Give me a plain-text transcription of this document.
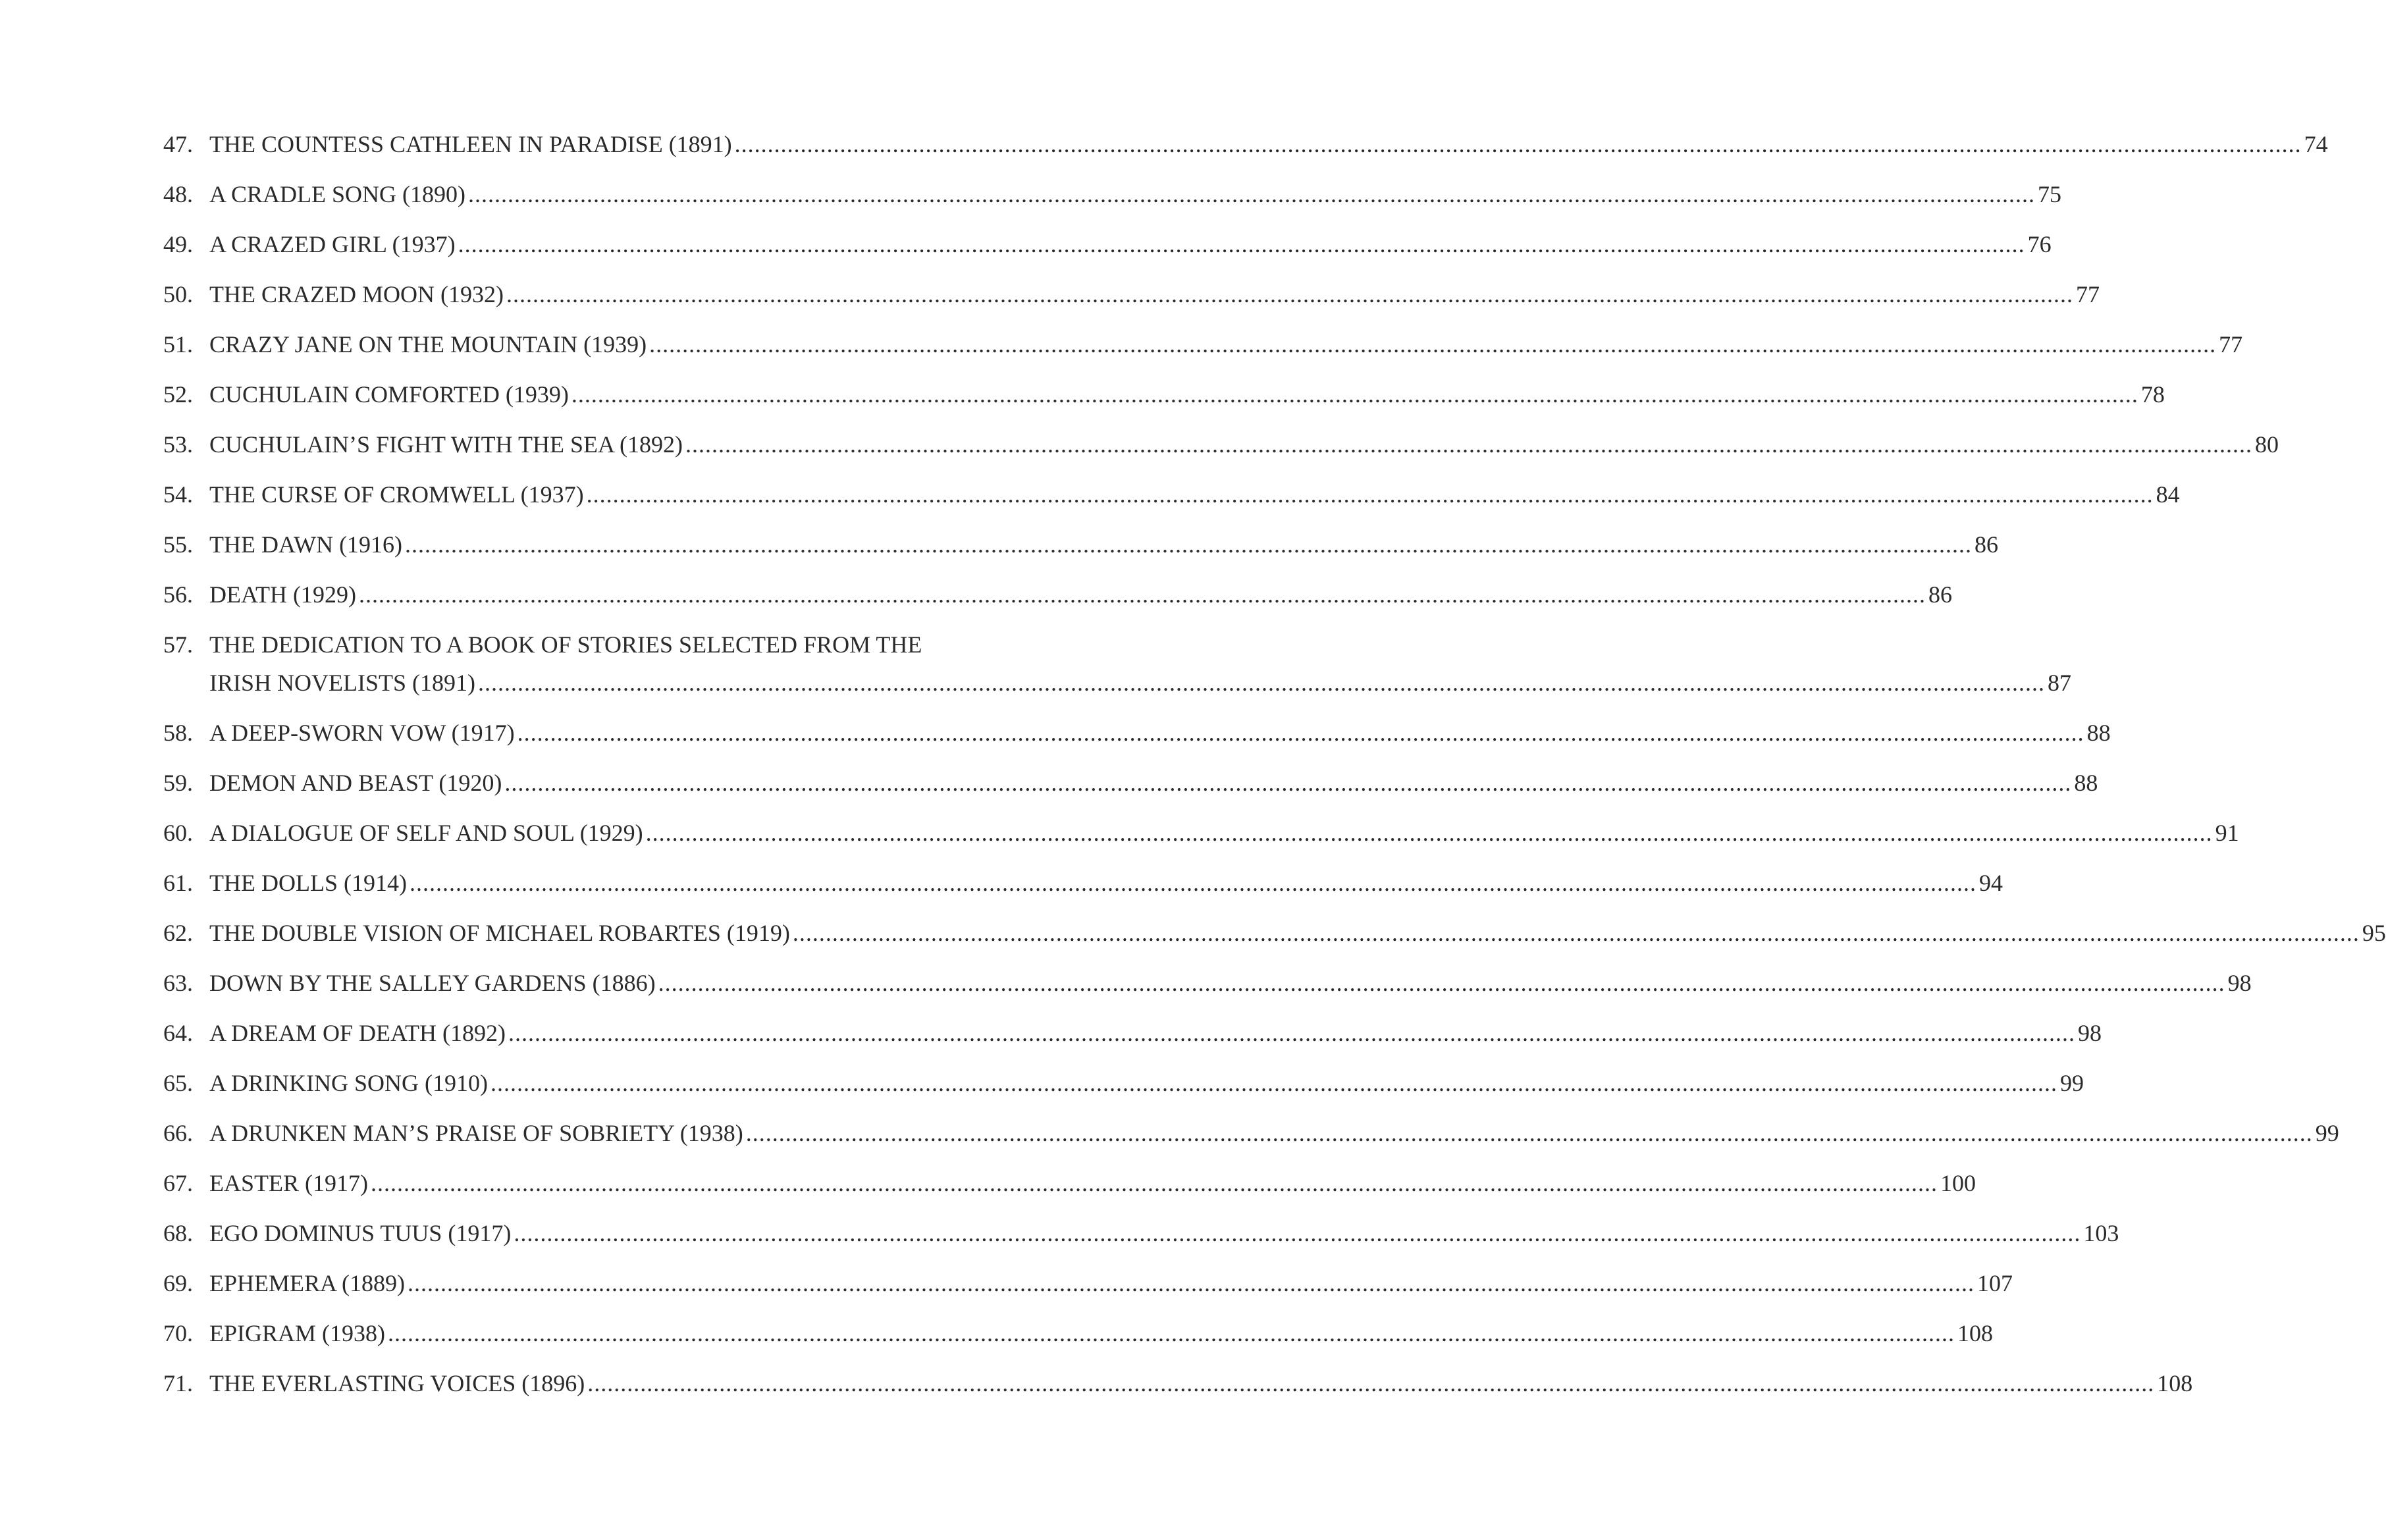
47. THE COUNTESS CATHLEEN IN PARADISE (1891) .....	74
48. A CRADLE SONG (1890) .....	75
49. A CRAZED GIRL (1937) .....	76
50. THE CRAZED MOON (1932) .....	77
51. CRAZY JANE ON THE MOUNTAIN (1939) .....	77
52. CUCHULAIN COMFORTED (1939) .....	78
53. CUCHULAIN’S FIGHT WITH THE SEA (1892) .....	80
54. THE CURSE OF CROMWELL (1937) .....	84
55. THE DAWN (1916) .....	86
56. DEATH (1929) .....	86
57. THE DEDICATION TO A BOOK OF STORIES SELECTED FROM THE
IRISH NOVELISTS (1891) .....	87
58. A DEEP-SWORN VOW (1917) .....	88
59. DEMON AND BEAST (1920) .....	88
60. A DIALOGUE OF SELF AND SOUL (1929) .....	91
61. THE DOLLS (1914) .....	94
62. THE DOUBLE VISION OF MICHAEL ROBARTES (1919) .....	95
63. DOWN BY THE SALLEY GARDENS (1886) .....	98
64. A DREAM OF DEATH (1892) .....	98
65. A DRINKING SONG (1910) .....	99
66. A DRUNKEN MAN’S PRAISE OF SOBRIETY (1938) .....	99
67. EASTER (1917) .....	100
68. EGO DOMINUS TUUS (1917) .....	103
69. EPHEMERA (1889) .....	107
70. EPIGRAM (1938) .....	108
71. THE EVERLASTING VOICES (1896) .....	108
